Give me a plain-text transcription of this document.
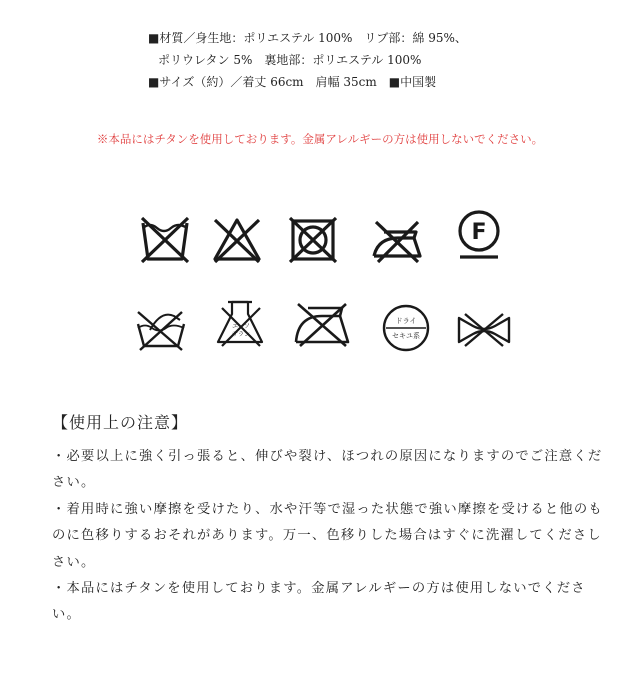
■材質／身生地：ポリエステル 100%　リブ部：綿 95%、
ポリウレタン 5%　裏地部：ポリエステル 100%
■サイズ（約）／着丈 66cm　肩幅 35cm　■中国製
※本品にはチタンを使用しております。金属アレルギーの方は使用しないでください。
F
エーソ
サラン
ドライ
セキユ系
【使用上の注意】

・必要以上に強く引っ張ると、伸びや裂け、ほつれの原因になりますのでご注意ください。

・着用時に強い摩擦を受けたり、水や汗等で湿った状態で強い摩擦を受けると他のものに色移りするおそれがあります。万一、色移りした場合はすぐに洗濯してくださしさい。

・本品にはチタンを使用しております。金属アレルギーの方は使用しないでください。
